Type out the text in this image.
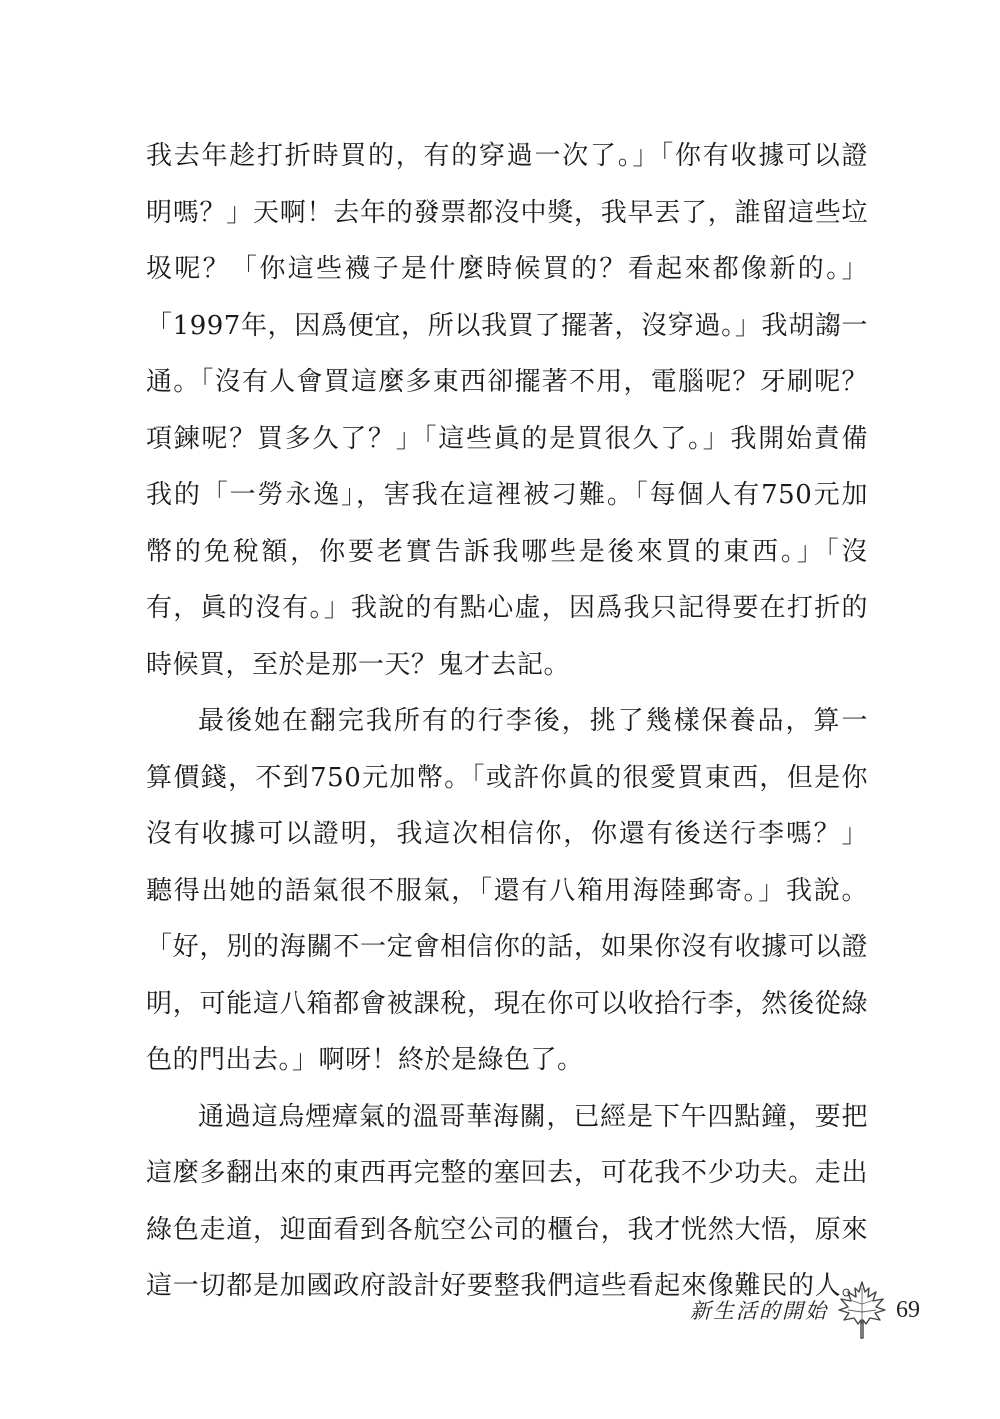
我去年趁打折時買的，有的穿過一次了。」「你有收據可以證
明嗎？」天啊！去年的發票都沒中獎，我早丟了，誰留這些垃
圾呢？「你這些襪子是什麼時候買的？看起來都像新的。」
「1997年，因爲便宜，所以我買了擺著，沒穿過。」我胡謅一
通。「沒有人會買這麼多東西卻擺著不用，電腦呢？牙刷呢？
項鍊呢？買多久了？」「這些眞的是買很久了。」我開始責備
我的「一勞永逸」，害我在這裡被刁難。「每個人有750元加
幣的免稅額，你要老實告訴我哪些是後來買的東西。」「沒
有，眞的沒有。」我說的有點心虛，因爲我只記得要在打折的
時候買，至於是那一天？鬼才去記。
最後她在翻完我所有的行李後，挑了幾樣保養品，算一
算價錢，不到750元加幣。「或許你眞的很愛買東西，但是你
沒有收據可以證明，我這次相信你，你還有後送行李嗎？」
聽得出她的語氣很不服氣，「還有八箱用海陸郵寄。」我說。
「好，別的海關不一定會相信你的話，如果你沒有收據可以證
明，可能這八箱都會被課稅，現在你可以收拾行李，然後從綠
色的門出去。」啊呀！終於是綠色了。
通過這烏煙瘴氣的溫哥華海關，已經是下午四點鐘，要把
這麼多翻出來的東西再完整的塞回去，可花我不少功夫。走出
綠色走道，迎面看到各航空公司的櫃台，我才恍然大悟，原來
這一切都是加國政府設計好要整我們這些看起來像難民的人。
新生活的開始	69
